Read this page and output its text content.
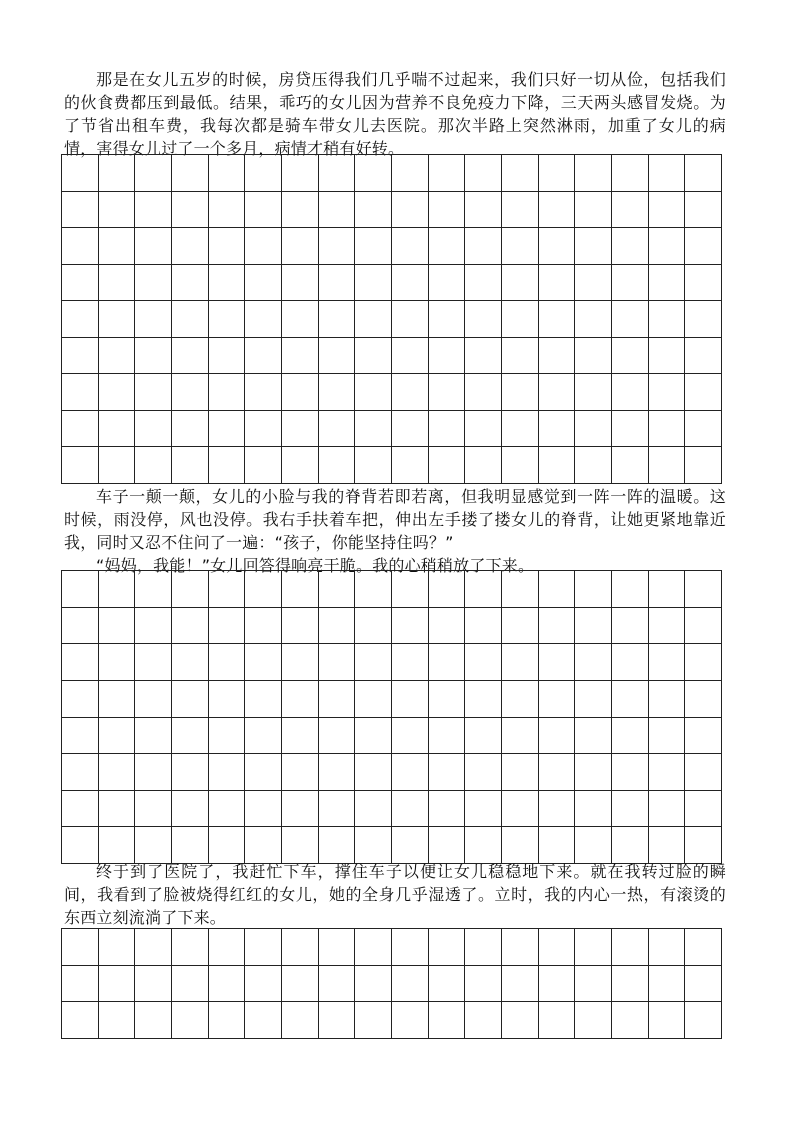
那是在女儿五岁的时候，房贷压得我们几乎喘不过起来，我们只好一切从俭，包括我们的伙食费都压到最低。结果，乖巧的女儿因为营养不良免疫力下降，三天两头感冒发烧。为了节省出租车费，我每次都是骑车带女儿去医院。那次半路上突然淋雨，加重了女儿的病情，害得女儿过了一个多月，病情才稍有好转。

车子一颠一颠，女儿的小脸与我的脊背若即若离，但我明显感觉到一阵一阵的温暖。这时候，雨没停，风也没停。我右手扶着车把，伸出左手搂了搂女儿的脊背，让她更紧地靠近我，同时又忍不住问了一遍：“孩子，你能坚持住吗？”

“妈妈，我能！”女儿回答得响亮干脆。我的心稍稍放了下来。

终于到了医院了，我赶忙下车，撑住车子以便让女儿稳稳地下来。就在我转过脸的瞬间，我看到了脸被烧得红红的女儿，她的全身几乎湿透了。立时，我的内心一热，有滚烫的东西立刻流淌了下来。
